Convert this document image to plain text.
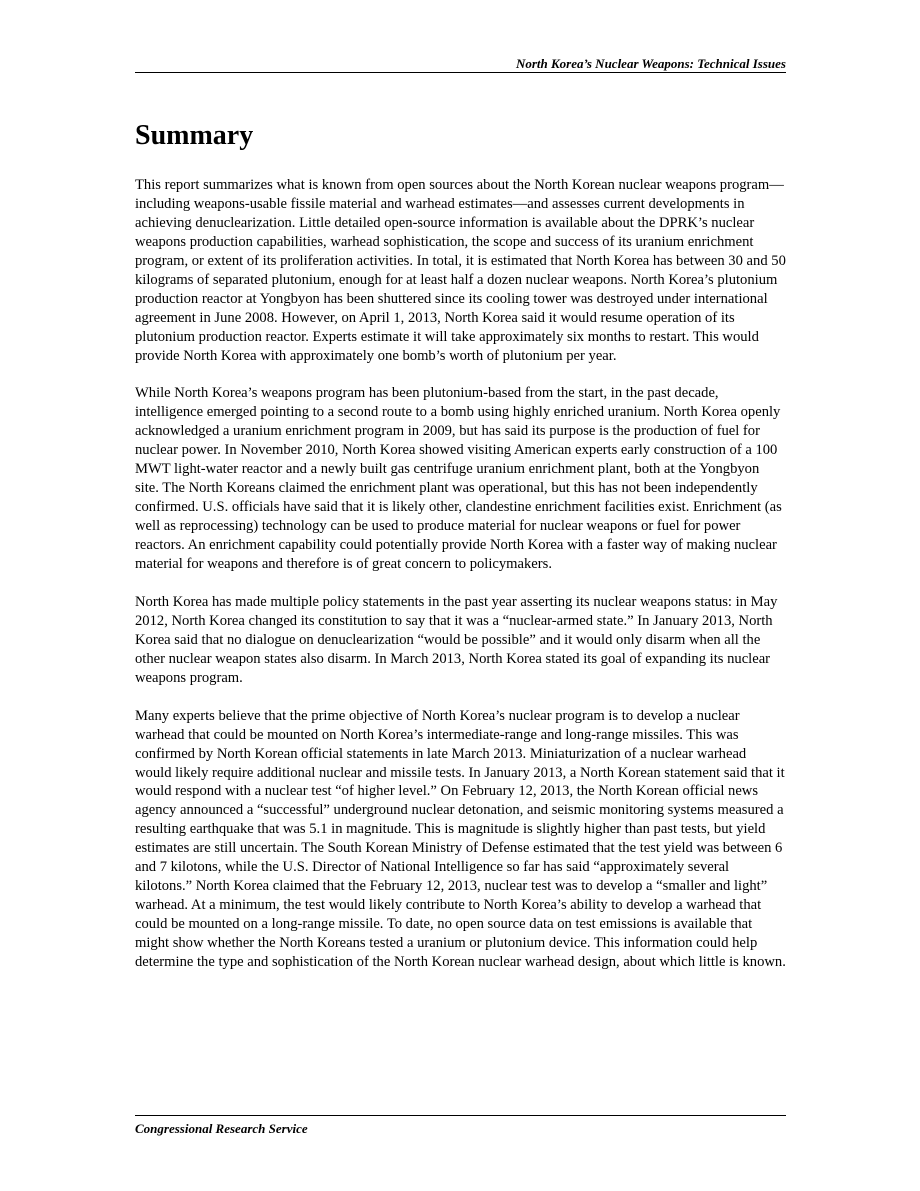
North Korea’s Nuclear Weapons: Technical Issues
Summary

This report summarizes what is known from open sources about the North Korean nuclear weapons program—including weapons-usable fissile material and warhead estimates—and assesses current developments in achieving denuclearization. Little detailed open-source information is available about the DPRK’s nuclear weapons production capabilities, warhead sophistication, the scope and success of its uranium enrichment program, or extent of its proliferation activities. In total, it is estimated that North Korea has between 30 and 50 kilograms of separated plutonium, enough for at least half a dozen nuclear weapons. North Korea’s plutonium production reactor at Yongbyon has been shuttered since its cooling tower was destroyed under international agreement in June 2008. However, on April 1, 2013, North Korea said it would resume operation of its plutonium production reactor. Experts estimate it will take approximately six months to restart. This would provide North Korea with approximately one bomb’s worth of plutonium per year.

While North Korea’s weapons program has been plutonium-based from the start, in the past decade, intelligence emerged pointing to a second route to a bomb using highly enriched uranium. North Korea openly acknowledged a uranium enrichment program in 2009, but has said its purpose is the production of fuel for nuclear power. In November 2010, North Korea showed visiting American experts early construction of a 100 MWT light-water reactor and a newly built gas centrifuge uranium enrichment plant, both at the Yongbyon site. The North Koreans claimed the enrichment plant was operational, but this has not been independently confirmed. U.S. officials have said that it is likely other, clandestine enrichment facilities exist. Enrichment (as well as reprocessing) technology can be used to produce material for nuclear weapons or fuel for power reactors. An enrichment capability could potentially provide North Korea with a faster way of making nuclear material for weapons and therefore is of great concern to policymakers.

North Korea has made multiple policy statements in the past year asserting its nuclear weapons status: in May 2012, North Korea changed its constitution to say that it was a “nuclear-armed state.” In January 2013, North Korea said that no dialogue on denuclearization “would be possible” and it would only disarm when all the other nuclear weapon states also disarm. In March 2013, North Korea stated its goal of expanding its nuclear weapons program.

Many experts believe that the prime objective of North Korea’s nuclear program is to develop a nuclear warhead that could be mounted on North Korea’s intermediate-range and long-range missiles. This was confirmed by North Korean official statements in late March 2013. Miniaturization of a nuclear warhead would likely require additional nuclear and missile tests. In January 2013, a North Korean statement said that it would respond with a nuclear test “of higher level.” On February 12, 2013, the North Korean official news agency announced a “successful” underground nuclear detonation, and seismic monitoring systems measured a resulting earthquake that was 5.1 in magnitude. This is magnitude is slightly higher than past tests, but yield estimates are still uncertain. The South Korean Ministry of Defense estimated that the test yield was between 6 and 7 kilotons, while the U.S. Director of National Intelligence so far has said “approximately several kilotons.” North Korea claimed that the February 12, 2013, nuclear test was to develop a “smaller and light” warhead. At a minimum, the test would likely contribute to North Korea’s ability to develop a warhead that could be mounted on a long-range missile. To date, no open source data on test emissions is available that might show whether the North Koreans tested a uranium or plutonium device. This information could help determine the type and sophistication of the North Korean nuclear warhead design, about which little is known.

Congressional Research Service
